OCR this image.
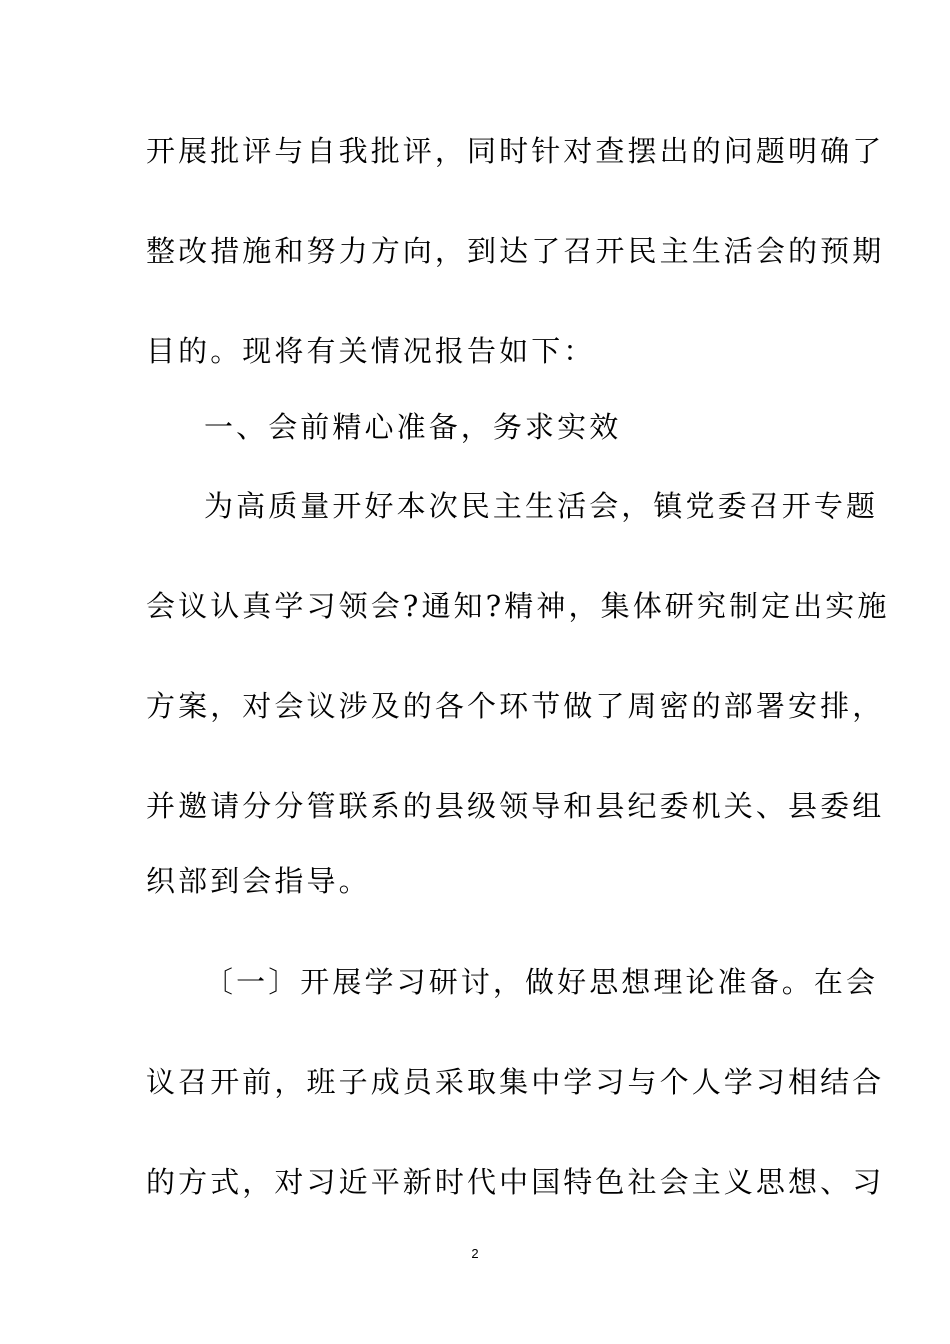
开展批评与自我批评，同时针对查摆出的问题明确了
整改措施和努力方向，到达了召开民主生活会的预期
目的。现将有关情况报告如下：
一、会前精心准备，务求实效
为高质量开好本次民主生活会，镇党委召开专题
会议认真学习领会?通知?精神，集体研究制定出实施
方案，对会议涉及的各个环节做了周密的部署安排，
并邀请分分管联系的县级领导和县纪委机关、县委组
织部到会指导。
〔一〕开展学习研讨，做好思想理论准备。在会
议召开前，班子成员采取集中学习与个人学习相结合
的方式，对习近平新时代中国特色社会主义思想、习
2
